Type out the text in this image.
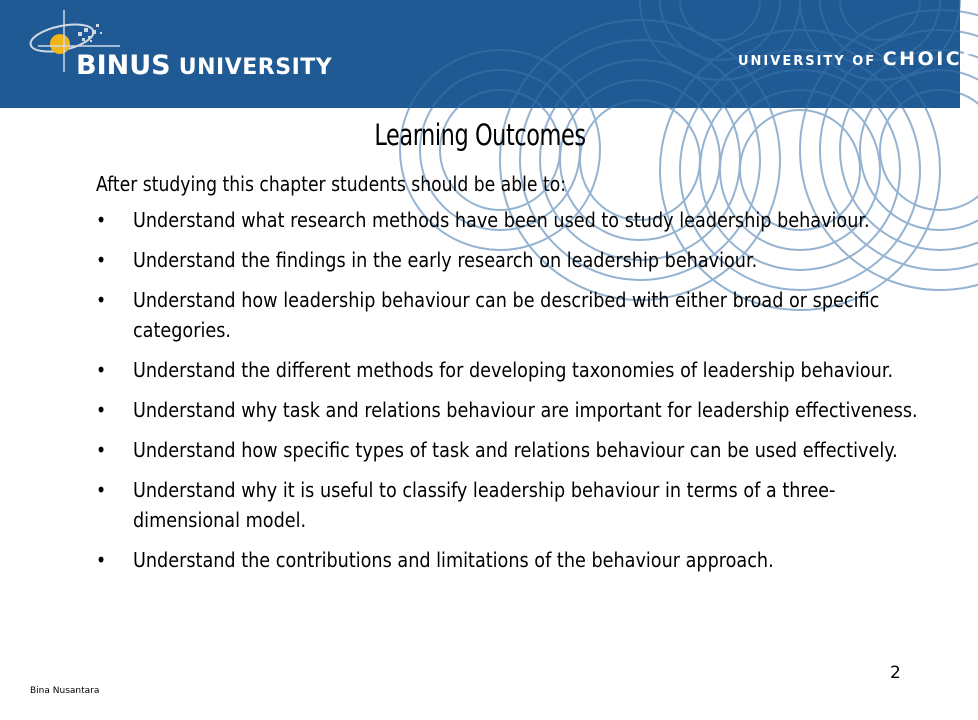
BINUS UNIVERSITY	UNIVERSITY OF CHOICE
Learning Outcomes
After studying this chapter students should be able to:
• Understand what research methods have been used to study leadership behaviour.
• Understand the findings in the early research on leadership behaviour.
• Understand how leadership behaviour can be described with either broad or specific categories.
• Understand the different methods for developing taxonomies of leadership behaviour.
• Understand why task and relations behaviour are important for leadership effectiveness.
• Understand how specific types of task and relations behaviour can be used effectively.
• Understand why it is useful to classify leadership behaviour in terms of a three-dimensional model.
• Understand the contributions and limitations of the behaviour approach.
Bina Nusantara
2
